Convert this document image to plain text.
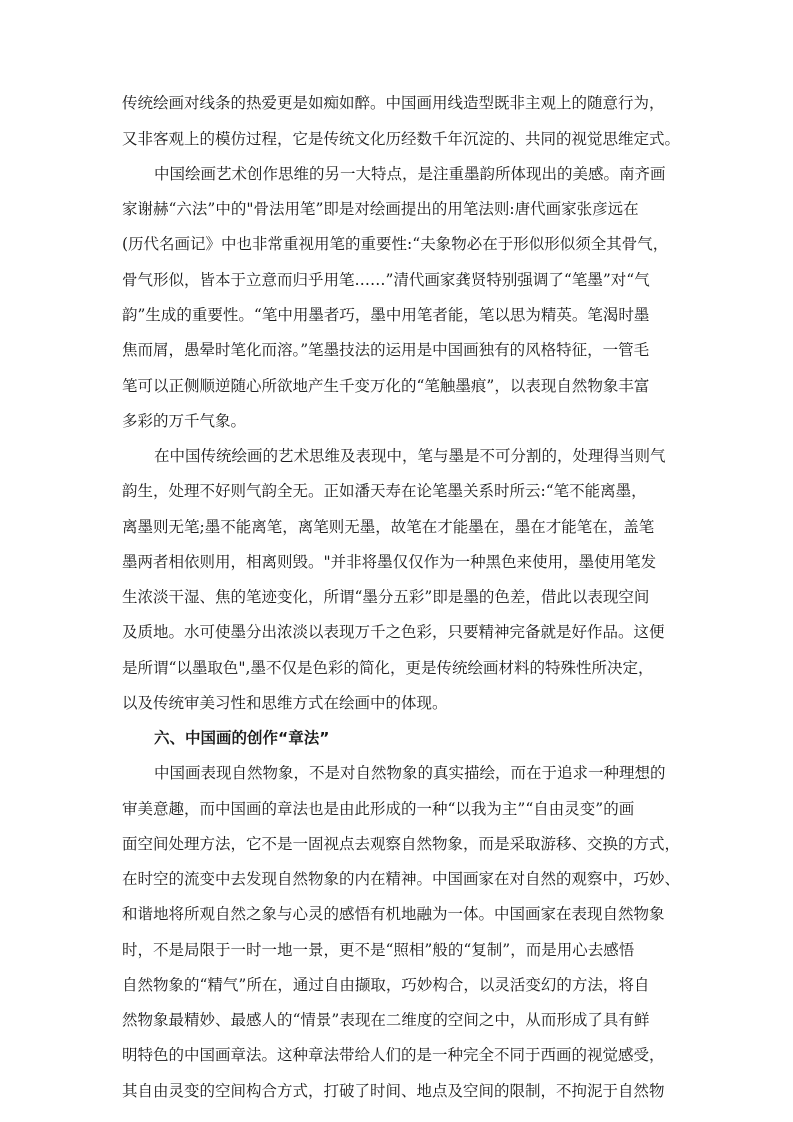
传统绘画对线条的热爱更是如痴如醉。中国画用线造型既非主观上的随意行为，
又非客观上的模仿过程，它是传统文化历经数千年沉淀的、共同的视觉思维定式。
中国绘画艺术创作思维的另一大特点，是注重墨韵所体现出的美感。南齐画
家谢赫“六法”中的"骨法用笔”即是对绘画提出的用笔法则:唐代画家张彦远在
(历代名画记》中也非常重视用笔的重要性:“夫象物必在于形似形似须全其骨气，
骨气形似，皆本于立意而归乎用笔……”清代画家龚贤特别强调了“笔墨”对“气
韵”生成的重要性。“笔中用墨者巧，墨中用笔者能，笔以思为精英。笔渴时墨
焦而屑，愚晕时笔化而溶。”笔墨技法的运用是中国画独有的风格特征，一管毛
笔可以正侧顺逆随心所欲地产生千变万化的“笔触墨痕”，以表现自然物象丰富
多彩的万千气象。
在中国传统绘画的艺术思维及表现中，笔与墨是不可分割的，处理得当则气
韵生，处理不好则气韵全无。正如潘天寿在论笔墨关系时所云:“笔不能离墨，
离墨则无笔;墨不能离笔，离笔则无墨，故笔在才能墨在，墨在才能笔在，盖笔
墨两者相依则用，相离则毁。"并非将墨仅仅作为一种黑色来使用，墨使用笔发
生浓淡干湿、焦的笔迹变化，所谓“墨分五彩”即是墨的色差，借此以表现空间
及质地。水可使墨分出浓淡以表现万千之色彩，只要精神完备就是好作品。这便
是所谓“以墨取色",墨不仅是色彩的简化，更是传统绘画材料的特殊性所决定，
以及传统审美习性和思维方式在绘画中的体现。
六、中国画的创作“章法”
中国画表现自然物象，不是对自然物象的真实描绘，而在于追求一种理想的
审美意趣，而中国画的章法也是由此形成的一种“以我为主”“自由灵变”的画
面空间处理方法，它不是一固视点去观察自然物象，而是采取游移、交换的方式，
在时空的流变中去发现自然物象的内在精神。中国画家在对自然的观察中，巧妙、
和谐地将所观自然之象与心灵的感悟有机地融为一体。中国画家在表现自然物象
时，不是局限于一时一地一景，更不是“照相”般的“复制”，而是用心去感悟
自然物象的“精气”所在，通过自由撷取，巧妙构合，以灵活变幻的方法，将自
然物象最精妙、最感人的“情景”表现在二维度的空间之中，从而形成了具有鲜
明特色的中国画章法。这种章法带给人们的是一种完全不同于西画的视觉感受，
其自由灵变的空间构合方式，打破了时间、地点及空间的限制，不拘泥于自然物
